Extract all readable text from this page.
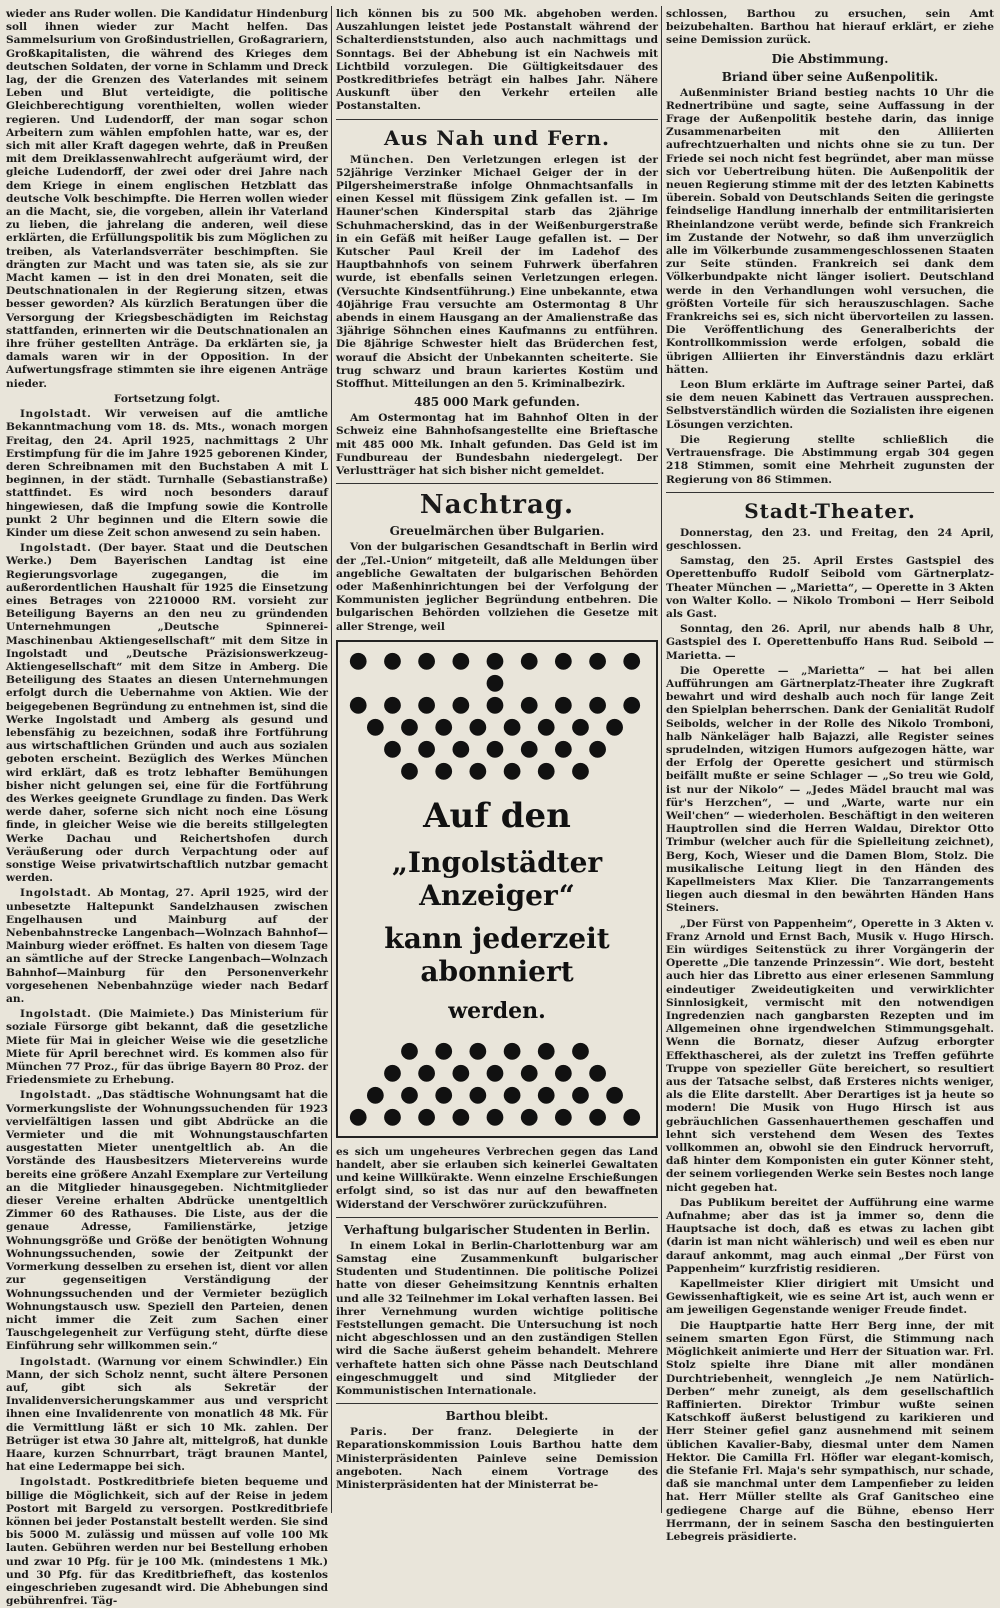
wieder ans Ruder wollen. Die Kandidatur Hindenburg soll ihnen wieder zur Macht helfen. Das Sammelsurium von Großindustriellen, Großagrariern, Großkapitalisten, die während des Krieges dem deutschen Soldaten, der vorne in Schlamm und Dreck lag, der die Grenzen des Vaterlandes mit seinem Leben und Blut verteidigte, die politische Gleichberechtigung vorenthielten, wollen wieder regieren. Und Ludendorff, der man sogar schon Arbeitern zum wählen empfohlen hatte, war es, der sich mit aller Kraft dagegen wehrte, daß in Preußen mit dem Dreiklassenwahlrecht aufgeräumt wird, der gleiche Ludendorff, der zwei oder drei Jahre nach dem Kriege in einem englischen Hetzblatt das deutsche Volk beschimpfte. Die Herren wollen wieder an die Macht, sie, die vorgeben, allein ihr Vaterland zu lieben, die jahrelang die anderen, weil diese erklärten, die Erfüllungspolitik bis zum Möglichen zu treiben, als Vaterlandsverräter beschimpften. Sie drängten zur Macht und was taten sie, als sie zur Macht kamen — ist in den drei Monaten, seit die Deutschnationalen in der Regierung sitzen, etwas besser geworden? Als kürzlich Beratungen über die Versorgung der Kriegsbeschädigten im Reichstag stattfanden, erinnerten wir die Deutschnationalen an ihre früher gestellten Anträge. Da erklärten sie, ja damals waren wir in der Opposition. In der Aufwertungsfrage stimmten sie ihre eigenen Anträge nieder.

Fortsetzung folgt.

Ingolstadt. Wir verweisen auf die amtliche Bekanntmachung vom 18. ds. Mts., wonach morgen Freitag, den 24. April 1925, nachmittags 2 Uhr Erstimpfung für die im Jahre 1925 geborenen Kinder, deren Schreibnamen mit den Buchstaben A mit L beginnen, in der städt. Turnhalle (Sebastianstraße) stattfindet. Es wird noch besonders darauf hingewiesen, daß die Impfung sowie die Kontrolle punkt 2 Uhr beginnen und die Eltern sowie die Kinder um diese Zeit schon anwesend zu sein haben.

Ingolstadt. (Der bayer. Staat und die Deutschen Werke.) Dem Bayerischen Landtag ist eine Regierungsvorlage zugegangen, die im außerordentlichen Haushalt für 1925 die Einsetzung eines Betrages von 2210000 RM. vorsieht zur Beteiligung Bayerns an den neu zu gründenden Unternehmungen „Deutsche Spinnerei-Maschinenbau Aktiengesellschaft“ mit dem Sitze in Ingolstadt und „Deutsche Präzisionswerkzeug-Aktiengesellschaft“ mit dem Sitze in Amberg. Die Beteiligung des Staates an diesen Unternehmungen erfolgt durch die Uebernahme von Aktien. Wie der beigegebenen Begründung zu entnehmen ist, sind die Werke Ingolstadt und Amberg als gesund und lebensfähig zu bezeichnen, sodaß ihre Fortführung aus wirtschaftlichen Gründen und auch aus sozialen geboten erscheint. Bezüglich des Werkes München wird erklärt, daß es trotz lebhafter Bemühungen bisher nicht gelungen sei, eine für die Fortführung des Werkes geeignete Grundlage zu finden. Das Werk werde daher, soferne sich nicht noch eine Lösung finde, in gleicher Weise wie die bereits stillgelegten Werke Dachau und Reichertshofen durch Veräußerung oder durch Verpachtung oder auf sonstige Weise privatwirtschaftlich nutzbar gemacht werden.

Ingolstadt. Ab Montag, 27. April 1925, wird der unbesetzte Haltepunkt Sandelzhausen zwischen Engelhausen und Mainburg auf der Nebenbahnstrecke Langenbach—Wolnzach Bahnhof—Mainburg wieder eröffnet. Es halten von diesem Tage an sämtliche auf der Strecke Langenbach—Wolnzach Bahnhof—Mainburg für den Personenverkehr vorgesehenen Nebenbahnzüge wieder nach Bedarf an.

Ingolstadt. (Die Maimiete.) Das Ministerium für soziale Fürsorge gibt bekannt, daß die gesetzliche Miete für Mai in gleicher Weise wie die gesetzliche Miete für April berechnet wird. Es kommen also für München 77 Proz., für das übrige Bayern 80 Proz. der Friedensmiete zu Erhebung.

Ingolstadt. „Das städtische Wohnungsamt hat die Vormerkungsliste der Wohnungssuchenden für 1923 vervielfältigen lassen und gibt Abdrücke an die Vermieter und die mit Wohnungstauschfarten ausgestatten Mieter unentgeltlich ab. An die Vorstände des Hausbesitzers Mietervereins wurde bereits eine größere Anzahl Exemplare zur Verteilung an die Mitglieder hinausgegeben. Nichtmitglieder dieser Vereine erhalten Abdrücke unentgeltlich Zimmer 60 des Rathauses. Die Liste, aus der die genaue Adresse, Familienstärke, jetzige Wohnungsgröße und Größe der benötigten Wohnung Wohnungssuchenden, sowie der Zeitpunkt der Vormerkung desselben zu ersehen ist, dient vor allen zur gegenseitigen Verständigung der Wohnungssuchenden und der Vermieter bezüglich Wohnungstausch usw. Speziell den Parteien, denen nicht immer die Zeit zum Sachen einer Tauschgelegenheit zur Verfügung steht, dürfte diese Einführung sehr willkommen sein.“

Ingolstadt. (Warnung vor einem Schwindler.) Ein Mann, der sich Scholz nennt, sucht ältere Personen auf, gibt sich als Sekretär der Invalidenversicherungskammer aus und verspricht ihnen eine Invalidenrente von monatlich 48 Mk. Für die Vermittlung läßt er sich 10 Mk. zahlen. Der Betrüger ist etwa 30 Jahre alt, mittelgroß, hat dunkle Haare, kurzen Schnurrbart, trägt braunen Mantel, hat eine Ledermappe bei sich.

Ingolstadt. Postkreditbriefe bieten bequeme und billige die Möglichkeit, sich auf der Reise in jedem Postort mit Bargeld zu versorgen. Postkreditbriefe können bei jeder Postanstalt bestellt werden. Sie sind bis 5000 M. zulässig und müssen auf volle 100 Mk lauten. Gebühren werden nur bei Bestellung erhoben und zwar 10 Pfg. für je 100 Mk. (mindestens 1 Mk.) und 30 Pfg. für das Kreditbriefheft, das kostenlos eingeschrieben zugesandt wird. Die Abhebungen sind gebührenfrei. Täg-

lich können bis zu 500 Mk. abgehoben werden. Auszahlungen leistet jede Postanstalt während der Schalterdienststunden, also auch nachmittags und Sonntags. Bei der Abhebung ist ein Nachweis mit Lichtbild vorzulegen. Die Gültigkeitsdauer des Postkreditbriefes beträgt ein halbes Jahr. Nähere Auskunft über den Verkehr erteilen alle Postanstalten.

Aus Nah und Fern.

München. Den Verletzungen erlegen ist der 52jährige Verzinker Michael Geiger der in der Pilgersheimerstraße infolge Ohnmachtsanfalls in einen Kessel mit flüssigem Zink gefallen ist. — Im Hauner'schen Kinderspital starb das 2jährige Schuhmacherskind, das in der Weißenburgerstraße in ein Gefäß mit heißer Lauge gefallen ist. — Der Kutscher Paul Kreil der im Ladehof des Hauptbahnhofs von seinem Fuhrwerk überfahren wurde, ist ebenfalls seinen Verletzungen erlegen. (Versuchte Kindsentführung.) Eine unbekannte, etwa 40jährige Frau versuchte am Ostermontag 8 Uhr abends in einem Hausgang an der Amalienstraße das 3jährige Söhnchen eines Kaufmanns zu entführen. Die 8jährige Schwester hielt das Brüderchen fest, worauf die Absicht der Unbekannten scheiterte. Sie trug schwarz und braun kariertes Kostüm und Stoffhut. Mitteilungen an den 5. Kriminalbezirk.

485 000 Mark gefunden.

Am Ostermontag hat im Bahnhof Olten in der Schweiz eine Bahnhofsangestellte eine Brieftasche mit 485 000 Mk. Inhalt gefunden. Das Geld ist im Fundbureau der Bundesbahn niedergelegt. Der Verlustträger hat sich bisher nicht gemeldet.

Nachtrag.
Greuelmärchen über Bulgarien.

Von der bulgarischen Gesandtschaft in Berlin wird der „Tel.-Union“ mitgeteilt, daß alle Meldungen über angebliche Gewaltaten der bulgarischen Behörden oder Maßenhinrichtungen bei der Verfolgung der Kommunisten jeglicher Begründung entbehren. Die bulgarischen Behörden vollziehen die Gesetze mit aller Strenge, weil

● ● ● ● ● ● ● ● ● ●
● ● ● ● ● ● ● ● ●
● ● ● ● ● ● ● ●
● ● ● ● ● ● ●
● ● ● ● ● ●
Auf den
„Ingolstädter Anzeiger“
kann jederzeit abonniert
werden.
● ● ● ● ● ●
● ● ● ● ● ● ●
● ● ● ● ● ● ● ●
● ● ● ● ● ● ● ● ●

es sich um ungeheures Verbrechen gegen das Land handelt, aber sie erlauben sich keinerlei Gewaltaten und keine Willkürakte. Wenn einzelne Erschießungen erfolgt sind, so ist das nur auf den bewaffneten Widerstand der Verschwörer zurückzuführen.

Verhaftung bulgarischer Studenten in Berlin.

In einem Lokal in Berlin-Charlottenburg war am Samstag eine Zusammenkunft bulgarischer Studenten und Studentinnen. Die politische Polizei hatte von dieser Geheimsitzung Kenntnis erhalten und alle 32 Teilnehmer im Lokal verhaften lassen. Bei ihrer Vernehmung wurden wichtige politische Feststellungen gemacht. Die Untersuchung ist noch nicht abgeschlossen und an den zuständigen Stellen wird die Sache äußerst geheim behandelt. Mehrere verhaftete hatten sich ohne Pässe nach Deutschland eingeschmuggelt und sind Mitglieder der Kommunistischen Internationale.

Barthou bleibt.

Paris. Der franz. Delegierte in der Reparationskommission Louis Barthou hatte dem Ministerpräsidenten Painleve seine Demission angeboten. Nach einem Vortrage des Ministerpräsidenten hat der Ministerrat be-

schlossen, Barthou zu ersuchen, sein Amt beizubehalten. Barthou hat hierauf erklärt, er ziehe seine Demission zurück.

Die Abstimmung.
Briand über seine Außenpolitik.

Außenminister Briand bestieg nachts 10 Uhr die Rednertribüne und sagte, seine Auffassung in der Frage der Außenpolitik bestehe darin, das innige Zusammenarbeiten mit den Alliierten aufrechtzuerhalten und nichts ohne sie zu tun. Der Friede sei noch nicht fest begründet, aber man müsse sich vor Uebertreibung hüten. Die Außenpolitik der neuen Regierung stimme mit der des letzten Kabinetts überein. Sobald von Deutschlands Seiten die geringste feindselige Handlung innerhalb der entmilitarisierten Rheinlandzone verübt werde, befinde sich Frankreich im Zustande der Notwehr, so daß ihm unverzüglich alle im Völkerbunde zusammengeschlossenen Staaten zur Seite stünden. Frankreich sei dank dem Völkerbundpakte nicht länger isoliert. Deutschland werde in den Verhandlungen wohl versuchen, die größten Vorteile für sich herauszuschlagen. Sache Frankreichs sei es, sich nicht übervorteilen zu lassen. Die Veröffentlichung des Generalberichts der Kontrollkommission werde erfolgen, sobald die übrigen Alliierten ihr Einverständnis dazu erklärt hätten.

Leon Blum erklärte im Auftrage seiner Partei, daß sie dem neuen Kabinett das Vertrauen aussprechen. Selbstverständlich würden die Sozialisten ihre eigenen Lösungen verzichten.

Die Regierung stellte schließlich die Vertrauensfrage. Die Abstimmung ergab 304 gegen 218 Stimmen, somit eine Mehrheit zugunsten der Regierung von 86 Stimmen.

Stadt-Theater.

Donnerstag, den 23. und Freitag, den 24 April, geschlossen.

Samstag, den 25. April Erstes Gastspiel des Operettenbuffo Rudolf Seibold vom Gärtnerplatz-Theater München — „Marietta“, — Operette in 3 Akten von Walter Kollo. — Nikolo Tromboni — Herr Seibold als Gast.

Sonntag, den 26. April, nur abends halb 8 Uhr, Gastspiel des I. Operettenbuffo Hans Rud. Seibold — Marietta. —

Die Operette — „Marietta“ — hat bei allen Aufführungen am Gärtnerplatz-Theater ihre Zugkraft bewahrt und wird deshalb auch noch für lange Zeit den Spielplan beherrschen. Dank der Genialität Rudolf Seibolds, welcher in der Rolle des Nikolo Tromboni, halb Nänkeläger halb Bajazzi, alle Register seines sprudelnden, witzigen Humors aufgezogen hätte, war der Erfolg der Operette gesichert und stürmisch beifällt mußte er seine Schlager — „So treu wie Gold, ist nur der Nikolo“ — „Jedes Mädel braucht mal was für's Herzchen“, — und „Warte, warte nur ein Weil'chen“ — wiederholen. Beschäftigt in den weiteren Hauptrollen sind die Herren Waldau, Direktor Otto Trimbur (welcher auch für die Spielleitung zeichnet), Berg, Koch, Wieser und die Damen Blom, Stolz. Die musikalische Leitung liegt in den Händen des Kapellmeisters Max Klier. Die Tanzarrangements liegen auch diesmal in den bewährten Händen Hans Steiners.

„Der Fürst von Pappenheim“, Operette in 3 Akten v. Franz Arnold und Ernst Bach, Musik v. Hugo Hirsch. Ein würdiges Seitenstück zu ihrer Vorgängerin der Operette „Die tanzende Prinzessin“. Wie dort, besteht auch hier das Libretto aus einer erlesenen Sammlung eindeutiger Zweideutigkeiten und verwirklichter Sinnlosigkeit, vermischt mit den notwendigen Ingredenzien nach gangbarsten Rezepten und im Allgemeinen ohne irgendwelchen Stimmungsgehalt. Wenn die Bornatz, dieser Aufzug erborgter Effekthascherei, als der zuletzt ins Treffen geführte Truppe von spezieller Güte bereichert, so resultiert aus der Tatsache selbst, daß Ersteres nichts weniger, als die Elite darstellt. Aber Derartiges ist ja heute so modern! Die Musik von Hugo Hirsch ist aus gebräuchlichen Gassenhauerthemen geschaffen und lehnt sich verstehend dem Wesen des Textes vollkommen an, obwohl sie den Eindruck hervorruft, daß hinter dem Komponisten ein guter Könner steht, der seinem vorliegenden Werke sein Bestes noch lange nicht gegeben hat.

Das Publikum bereitet der Aufführung eine warme Aufnahme; aber das ist ja immer so, denn die Hauptsache ist doch, daß es etwas zu lachen gibt (darin ist man nicht wählerisch) und weil es eben nur darauf ankommt, mag auch einmal „Der Fürst von Pappenheim“ kurzfristig residieren.

Kapellmeister Klier dirigiert mit Umsicht und Gewissenhaftigkeit, wie es seine Art ist, auch wenn er am jeweiligen Gegenstande weniger Freude findet.

Die Hauptpartie hatte Herr Berg inne, der mit seinem smarten Egon Fürst, die Stimmung nach Möglichkeit animierte und Herr der Situation war. Frl. Stolz spielte ihre Diane mit aller mondänen Durchtriebenheit, wenngleich „Je nem Natürlich-Derben“ mehr zuneigt, als dem gesellschaftlich Raffinierten. Direktor Trimbur wußte seinen Katschkoff äußerst belustigend zu karikieren und Herr Steiner gefiel ganz ausnehmend mit seinem üblichen Kavalier-Baby, diesmal unter dem Namen Hektor. Die Camilla Frl. Höfler war elegant-komisch, die Stefanie Frl. Maja's sehr sympathisch, nur schade, daß sie manchmal unter dem Lampenfieber zu leiden hat. Herr Müller stellte als Graf Ganitscheo eine gediegene Charge auf die Bühne, ebenso Herr Herrmann, der in seinem Sascha den bestinguierten Lebegreis präsidierte.
